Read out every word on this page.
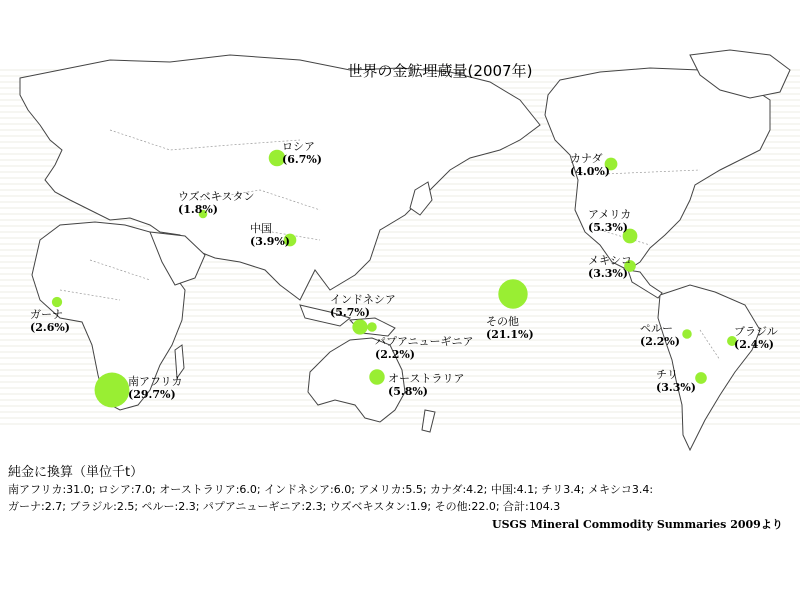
世界の金鉱埋蔵量(2007年)
南アフリカ
(29.7%)
ロシア
(6.7%)
ウズベキスタン
(1.8%)
中国
(3.9%)
ガーナ
(2.6%)
インドネシア
(5.7%)
パプアニューギニア
(2.2%)
オーストラリア
(5.8%)
その他
(21.1%)
カナダ
(4.0%)
アメリカ
(5.3%)
メキシコ
(3.3%)
ペルー
(2.2%)
ブラジル
(2.4%)
チリ
(3.3%)
純金に換算（単位千t）
南アフリカ:31.0; ロシア:7.0; オーストラリア:6.0; インドネシア:6.0; アメリカ:5.5; カナダ:4.2; 中国:4.1; チリ3.4; メキシコ3.4:
ガーナ:2.7; ブラジル:2.5; ペルー:2.3; パプアニューギニア:2.3; ウズベキスタン:1.9; その他:22.0; 合計:104.3
USGS Mineral Commodity Summaries 2009より
